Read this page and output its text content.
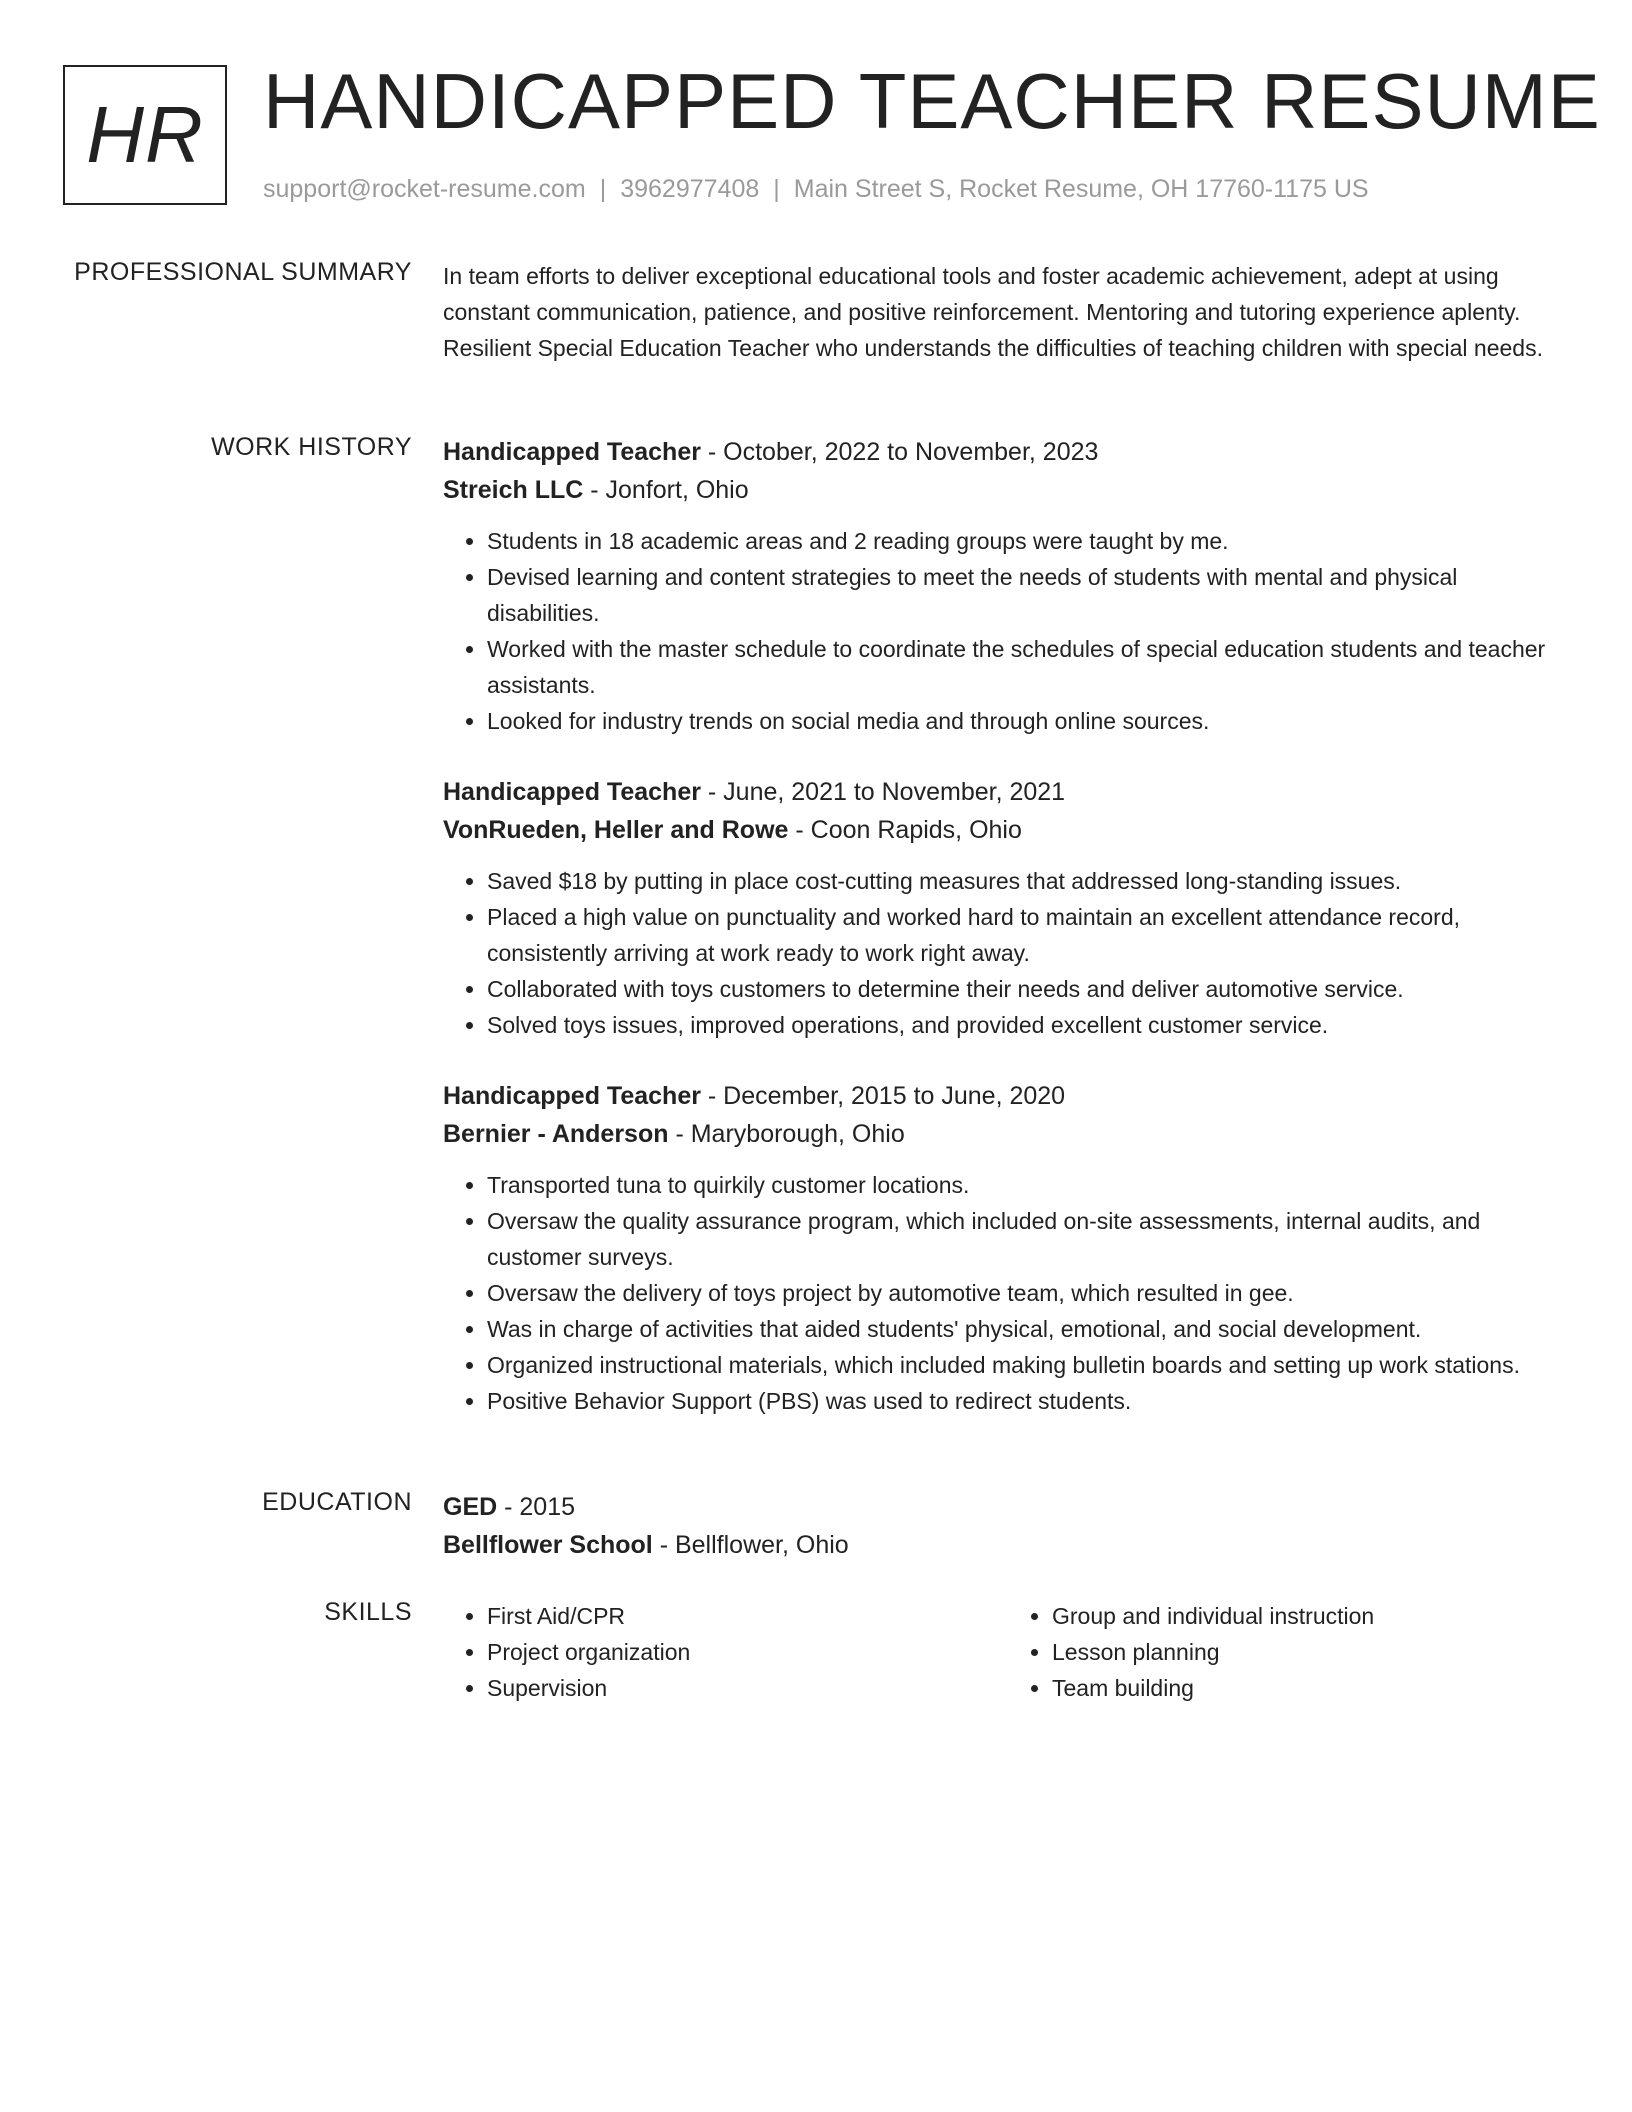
HR HANDICAPPED TEACHER RESUME
support@rocket-resume.com | 3962977408 | Main Street S, Rocket Resume, OH 17760-1175 US
PROFESSIONAL SUMMARY In team efforts to deliver exceptional educational tools and foster academic achievement, adept at using constant communication, patience, and positive reinforcement. Mentoring and tutoring experience aplenty. Resilient Special Education Teacher who understands the difficulties of teaching children with special needs.

WORK HISTORY Handicapped Teacher - October, 2022 to November, 2023
Streich LLC - Jonfort, Ohio
• Students in 18 academic areas and 2 reading groups were taught by me.
• Devised learning and content strategies to meet the needs of students with mental and physical disabilities.
• Worked with the master schedule to coordinate the schedules of special education students and teacher assistants.
• Looked for industry trends on social media and through online sources.
Handicapped Teacher - June, 2021 to November, 2021
VonRueden, Heller and Rowe - Coon Rapids, Ohio
• Saved $18 by putting in place cost-cutting measures that addressed long-standing issues.
• Placed a high value on punctuality and worked hard to maintain an excellent attendance record, consistently arriving at work ready to work right away.
• Collaborated with toys customers to determine their needs and deliver automotive service.
• Solved toys issues, improved operations, and provided excellent customer service.
Handicapped Teacher - December, 2015 to June, 2020
Bernier - Anderson - Maryborough, Ohio
• Transported tuna to quirkily customer locations.
• Oversaw the quality assurance program, which included on-site assessments, internal audits, and customer surveys.
• Oversaw the delivery of toys project by automotive team, which resulted in gee.
• Was in charge of activities that aided students' physical, emotional, and social development.
• Organized instructional materials, which included making bulletin boards and setting up work stations.
• Positive Behavior Support (PBS) was used to redirect students.
EDUCATION GED - 2015
Bellflower School - Bellflower, Ohio
SKILLS
•	First Aid/CPR
• Project organization
• Supervision
• Group and individual instruction
• Lesson planning
• Team building
